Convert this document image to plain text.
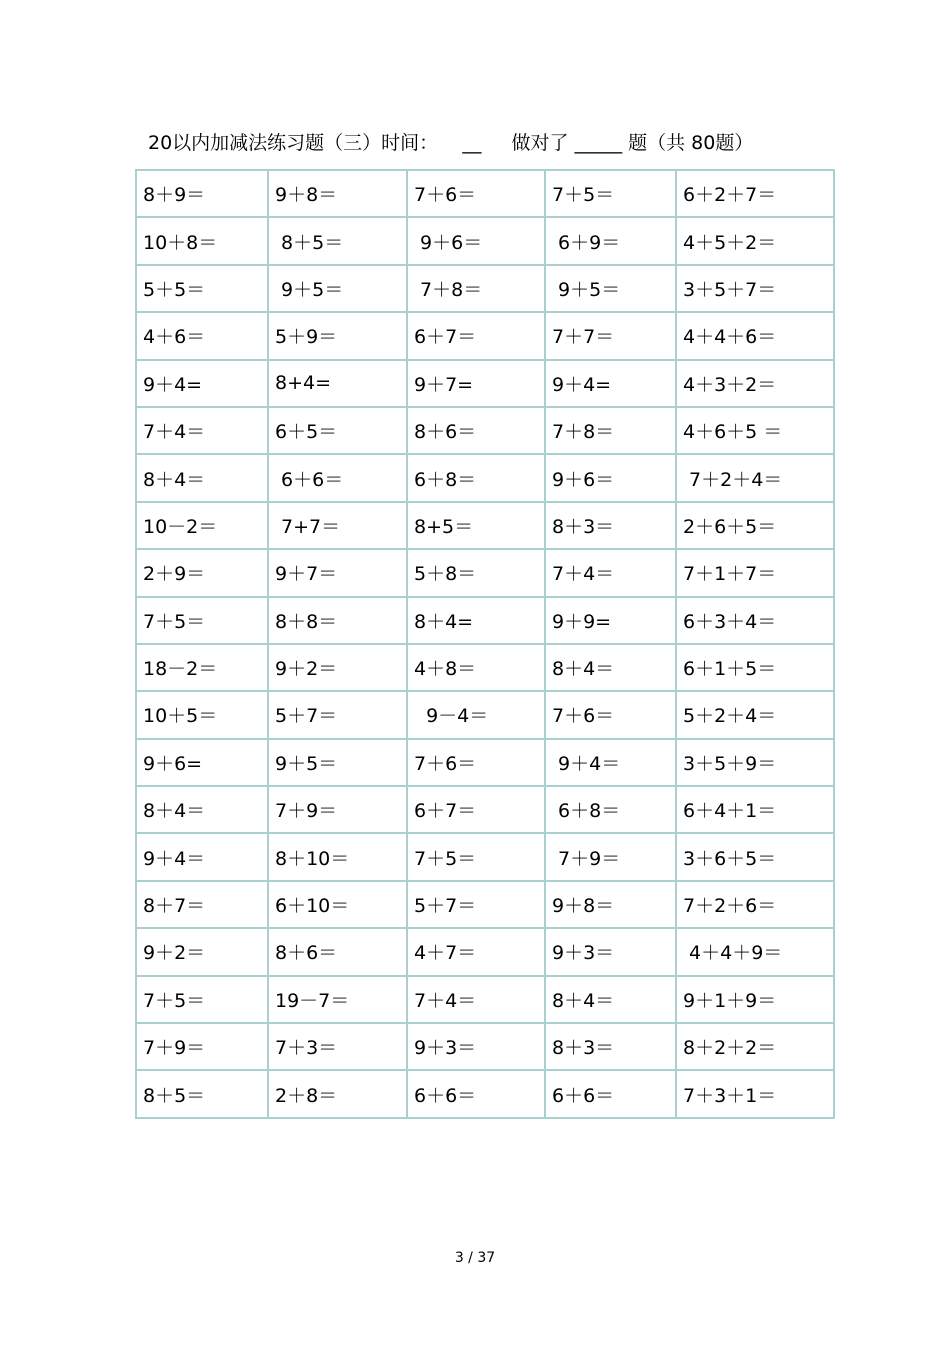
20以内加减法练习题（三）时间：    __     做对了 _____ 题（共 80题）
8＋9＝	9＋8＝	7＋6＝	7＋5＝	6＋2＋7＝
10＋8＝	8＋5＝	9＋6＝	6＋9＝	4＋5＋2＝
5＋5＝	9＋5＝	7＋8＝	9＋5＝	3＋5＋7＝
4＋6＝	5＋9＝	6＋7＝	7＋7＝	4＋4＋6＝
9＋4=	8+4=	9＋7=	9＋4=	4＋3＋2＝
7＋4＝	6＋5＝	8＋6＝	7＋8＝	4＋6＋5 ＝
8＋4＝	6＋6＝	6＋8＝	9＋6＝	7＋2＋4＝
10－2＝	7+7＝	8+5＝	8＋3＝	2＋6＋5＝
2＋9＝	9＋7＝	5＋8＝	7＋4＝	7＋1＋7＝
7＋5＝	8＋8＝	8＋4=	9＋9=	6＋3＋4＝
18－2＝	9＋2＝	4＋8＝	8＋4＝	6＋1＋5＝
10＋5＝	5＋7＝	9－4＝	7＋6＝	5＋2＋4＝
9＋6=	9＋5＝	7＋6＝	9＋4＝	3＋5＋9＝
8＋4＝	7＋9＝	6＋7＝	6＋8＝	6＋4＋1＝
9＋4＝	8＋10＝	7＋5＝	7＋9＝	3＋6＋5＝
8＋7＝	6＋10＝	5＋7＝	9＋8＝	7＋2＋6＝
9＋2＝	8＋6＝	4＋7＝	9＋3＝	4＋4＋9＝
7＋5＝	19－7＝	7＋4＝	8＋4＝	9＋1＋9＝
7＋9＝	7＋3＝	9＋3＝	8＋3＝	8＋2＋2＝
8＋5＝	2＋8＝	6＋6＝	6＋6＝	7＋3＋1＝
3 / 37
